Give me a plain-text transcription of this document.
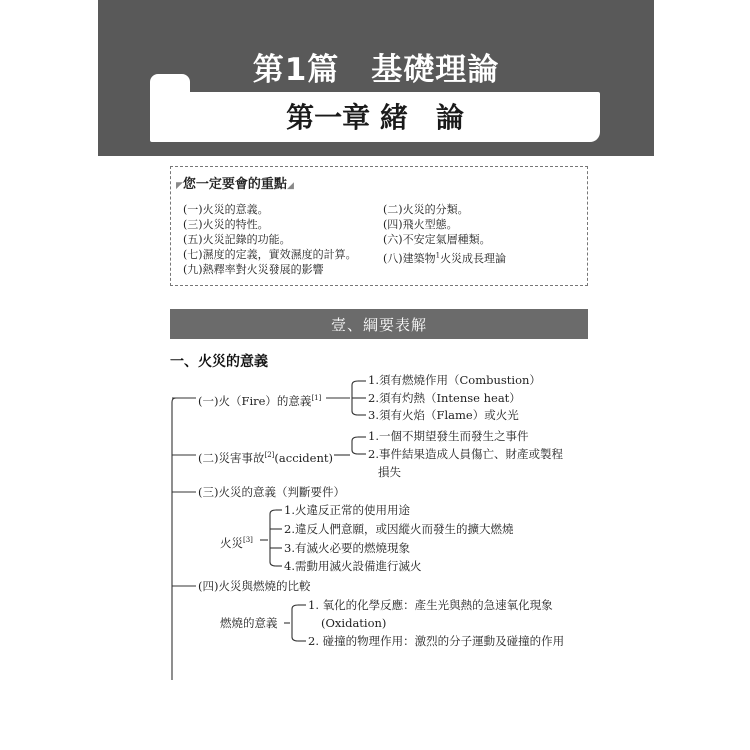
第1篇　基礎理論
第一章 緒　論
◤您一定要會的重點◢
(一)火災的意義。
(三)火災的特性。
(五)火災記錄的功能。
(七)濕度的定義，實效濕度的計算。
(九)熱釋率對火災發展的影響
(二)火災的分類。
(四)飛火型態。
(六)不安定氣層種類。
(八)建築物$^1$火災成長理論
壹、綱要表解
一、火災的意義
(一)火（Fire）的意義[1]
1.須有燃燒作用（Combustion）
2.須有灼熱（Intense heat）
3.須有火焰（Flame）或火光
(二)災害事故[2](accident)
1.一個不期望發生而發生之事件
2.事件結果造成人員傷亡、財產或製程
損失
(三)火災的意義（判斷要件）
火災[3]
1.火違反正常的使用用途
2.違反人們意願，或因縱火而發生的擴大燃燒
3.有滅火必要的燃燒現象
4.需動用滅火設備進行滅火
(四)火災與燃燒的比較
燃燒的意義
1. 氧化的化學反應：產生光與熱的急速氧化現象
(Oxidation)
2. 碰撞的物理作用：激烈的分子運動及碰撞的作用
